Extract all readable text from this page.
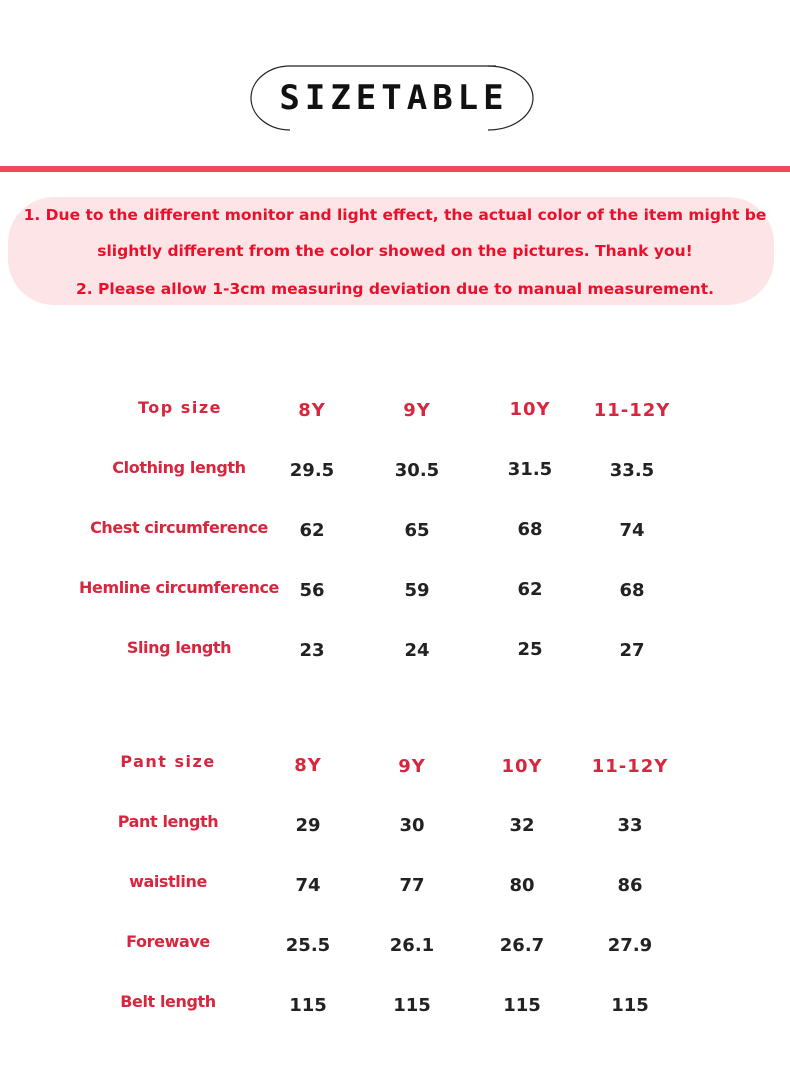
SIZETABLE
1. Due to the different monitor and light effect, the actual color of the item might be
slightly different from the color showed on the pictures. Thank you!
2. Please allow 1-3cm measuring deviation due to manual measurement.
Top size	8Y	9Y	10Y	11-12Y
Clothing length	29.5	30.5	31.5	33.5
Chest circumference	62	65	68	74
Hemline circumference	56	59	62	68
Sling length	23	24	25	27
Pant size	8Y	9Y	10Y	11-12Y
Pant length	29	30	32	33
waistline	74	77	80	86
Forewave	25.5	26.1	26.7	27.9
Belt length	115	115	115	115
